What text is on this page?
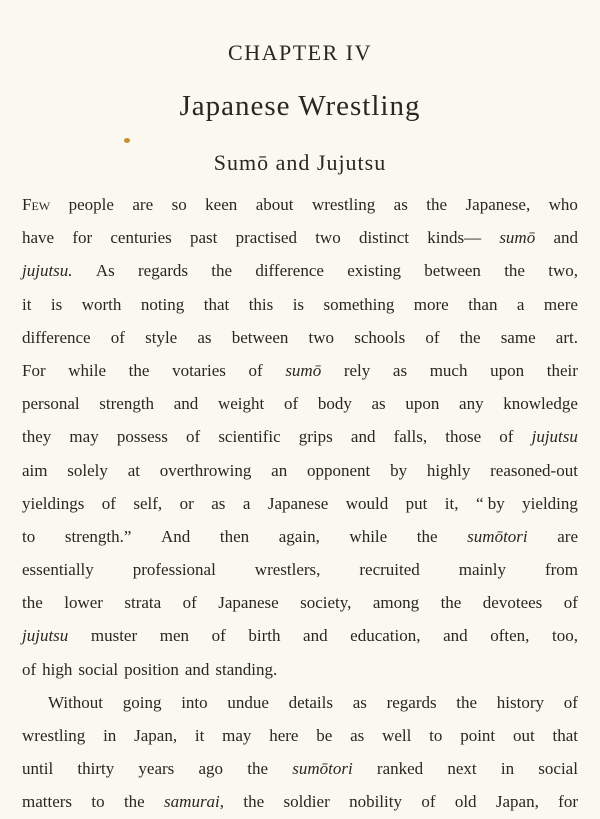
CHAPTER IV
Japanese Wrestling
Sumō and Jujutsu
Few people are so keen about wrestling as the Japanese, who
have for centuries past practised two distinct kinds— sumō and
jujutsu. As regards the difference existing between the two,
it is worth noting that this is something more than a mere
difference of style as between two schools of the same art.
For while the votaries of sumō rely as much upon their
personal strength and weight of body as upon any knowledge
they may possess of scientific grips and falls, those of jujutsu
aim solely at overthrowing an opponent by highly reasoned-out
yieldings of self, or as a Japanese would put it, “ by yielding
to strength.” And then again, while the sumōtori are
essentially professional wrestlers, recruited mainly from
the lower strata of Japanese society, among the devotees of
jujutsu muster men of birth and education, and often, too,
of high social position and standing.
Without going into undue details as regards the history of
wrestling in Japan, it may here be as well to point out that
until thirty years ago the sumōtori ranked next in social
matters to the samurai, the soldier nobility of old Japan, for
